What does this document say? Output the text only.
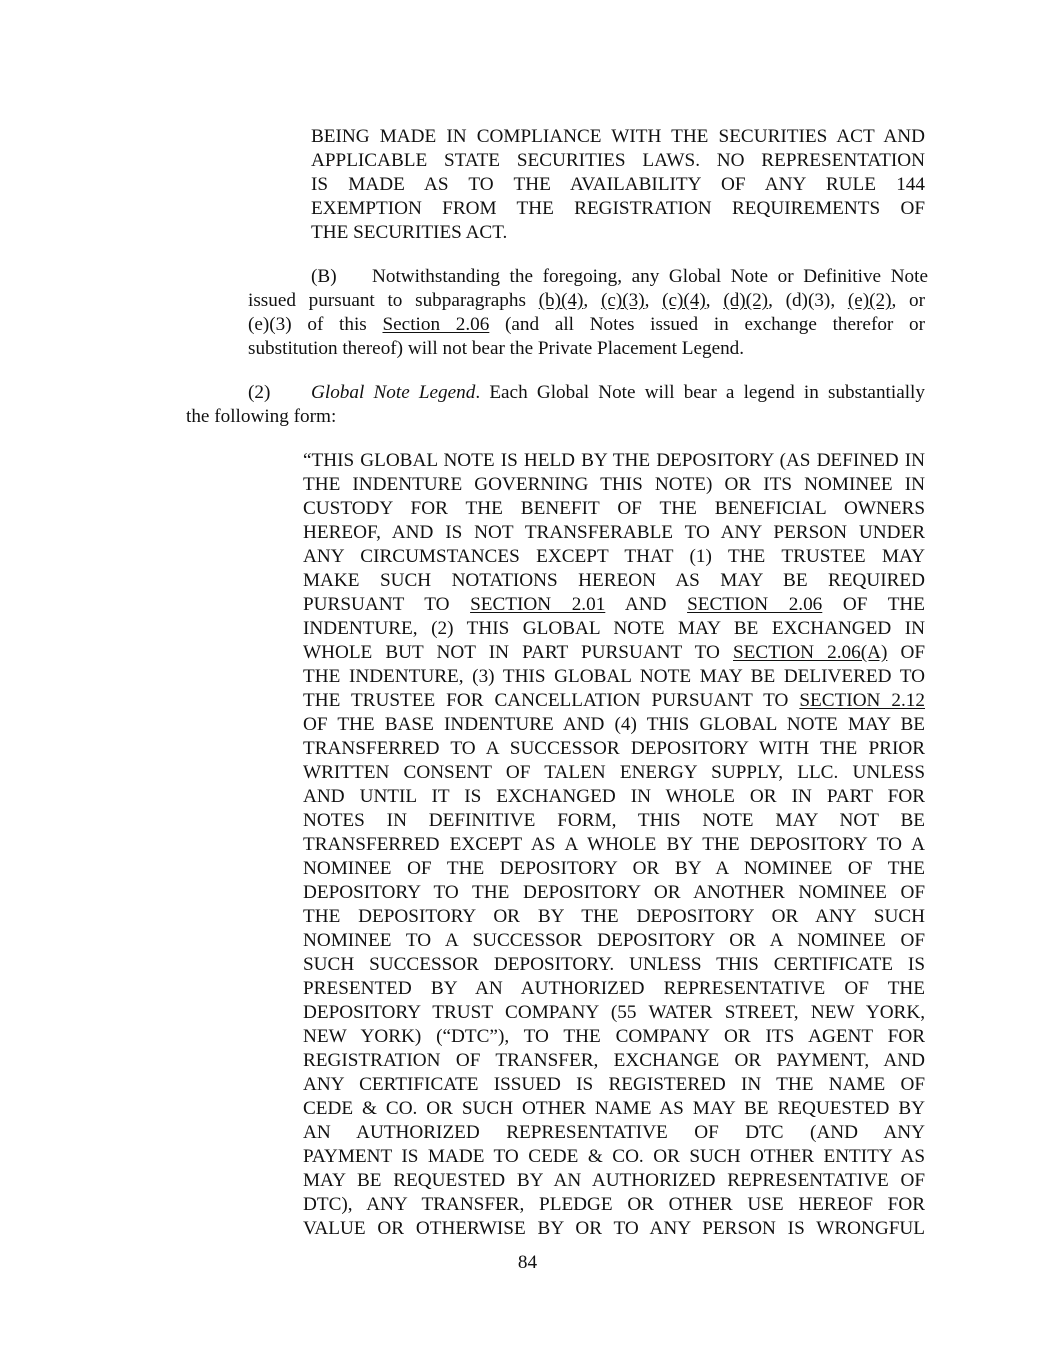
BEING MADE IN COMPLIANCE WITH THE SECURITIES ACT AND
APPLICABLE STATE SECURITIES LAWS. NO REPRESENTATION
IS MADE AS TO THE AVAILABILITY OF ANY RULE 144
EXEMPTION FROM THE REGISTRATION REQUIREMENTS OF
THE SECURITIES ACT.
(B) Notwithstanding the foregoing, any Global Note or Definitive Note
issued pursuant to subparagraphs (b)(4), (c)(3), (c)(4), (d)(2), (d)(3), (e)(2), or
(e)(3) of this Section 2.06 (and all Notes issued in exchange therefor or
substitution thereof) will not bear the Private Placement Legend.
(2) Global Note Legend. Each Global Note will bear a legend in substantially
the following form:
“THIS GLOBAL NOTE IS HELD BY THE DEPOSITORY (AS DEFINED IN
THE INDENTURE GOVERNING THIS NOTE) OR ITS NOMINEE IN
CUSTODY FOR THE BENEFIT OF THE BENEFICIAL OWNERS
HEREOF, AND IS NOT TRANSFERABLE TO ANY PERSON UNDER
ANY CIRCUMSTANCES EXCEPT THAT (1) THE TRUSTEE MAY
MAKE SUCH NOTATIONS HEREON AS MAY BE REQUIRED
PURSUANT TO SECTION 2.01 AND SECTION 2.06 OF THE
INDENTURE, (2) THIS GLOBAL NOTE MAY BE EXCHANGED IN
WHOLE BUT NOT IN PART PURSUANT TO SECTION 2.06(A) OF
THE INDENTURE, (3) THIS GLOBAL NOTE MAY BE DELIVERED TO
THE TRUSTEE FOR CANCELLATION PURSUANT TO SECTION 2.12
OF THE BASE INDENTURE AND (4) THIS GLOBAL NOTE MAY BE
TRANSFERRED TO A SUCCESSOR DEPOSITORY WITH THE PRIOR
WRITTEN CONSENT OF TALEN ENERGY SUPPLY, LLC. UNLESS
AND UNTIL IT IS EXCHANGED IN WHOLE OR IN PART FOR
NOTES IN DEFINITIVE FORM, THIS NOTE MAY NOT BE
TRANSFERRED EXCEPT AS A WHOLE BY THE DEPOSITORY TO A
NOMINEE OF THE DEPOSITORY OR BY A NOMINEE OF THE
DEPOSITORY TO THE DEPOSITORY OR ANOTHER NOMINEE OF
THE DEPOSITORY OR BY THE DEPOSITORY OR ANY SUCH
NOMINEE TO A SUCCESSOR DEPOSITORY OR A NOMINEE OF
SUCH SUCCESSOR DEPOSITORY. UNLESS THIS CERTIFICATE IS
PRESENTED BY AN AUTHORIZED REPRESENTATIVE OF THE
DEPOSITORY TRUST COMPANY (55 WATER STREET, NEW YORK,
NEW YORK) (“DTC”), TO THE COMPANY OR ITS AGENT FOR
REGISTRATION OF TRANSFER, EXCHANGE OR PAYMENT, AND
ANY CERTIFICATE ISSUED IS REGISTERED IN THE NAME OF
CEDE & CO. OR SUCH OTHER NAME AS MAY BE REQUESTED BY
AN AUTHORIZED REPRESENTATIVE OF DTC (AND ANY
PAYMENT IS MADE TO CEDE & CO. OR SUCH OTHER ENTITY AS
MAY BE REQUESTED BY AN AUTHORIZED REPRESENTATIVE OF
DTC), ANY TRANSFER, PLEDGE OR OTHER USE HEREOF FOR
VALUE OR OTHERWISE BY OR TO ANY PERSON IS WRONGFUL
84
